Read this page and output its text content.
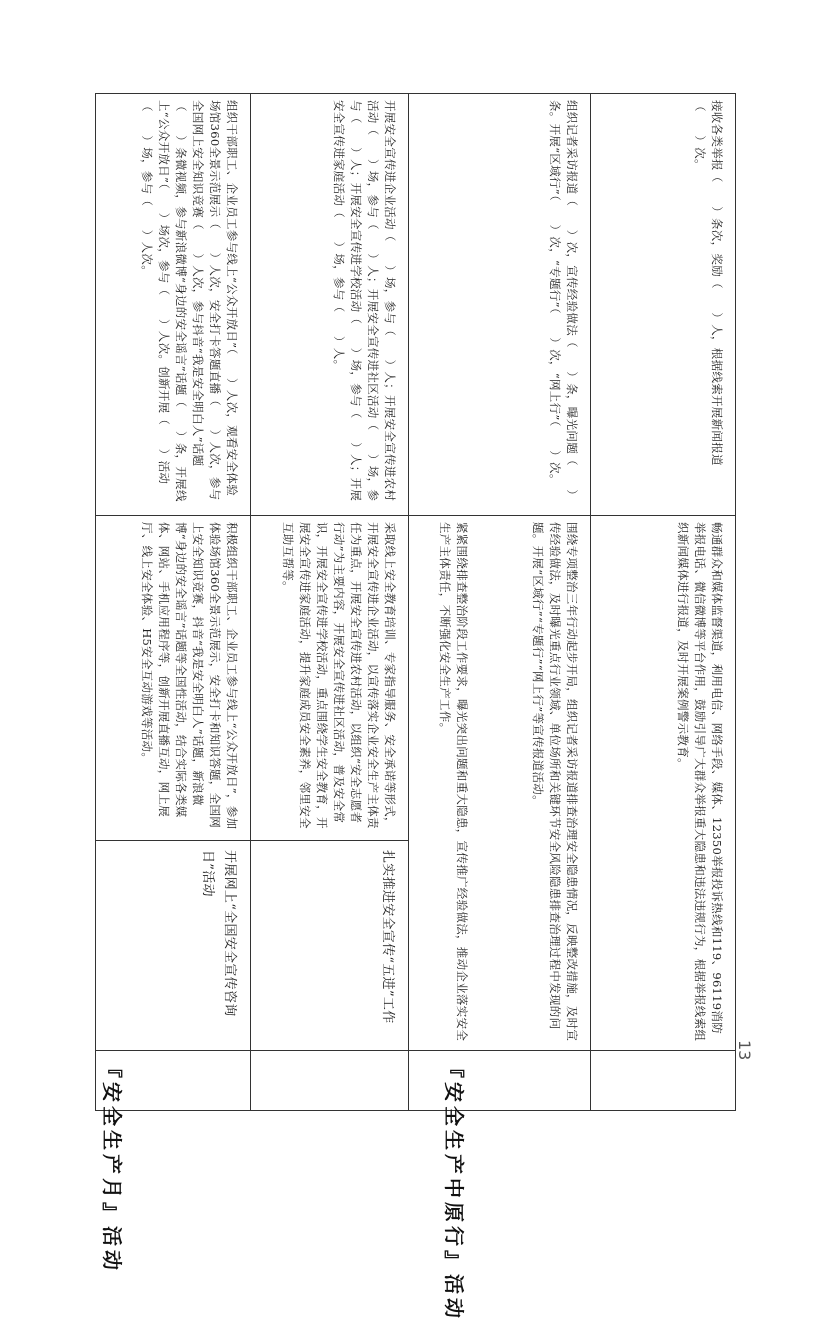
『安全生产月』活动	『安全生产中原行』活动

开展网上“全国安全宣传咨询日”活动

积极组织干部职工、企业员工参与线上“公众开放日”，参加体验场馆360全景示范展示，安全打卡和知识答题，全国网上安全知识竞赛，抖音“我是安全明白人”话题，新浪微博“身边的安全谣言”话题等全国性活动，结合实际各类媒体、网站、手机应用程序等，创新开展直播互动，网上展厅、线上安全体验、H5安全互动游戏等活动。

组织干部职工、企业员工参与线上“公众开放日”（　　）人次，观看安全体验场馆360全景示范展示（　　）人次，安全打卡答题直播（　　）人次，参与全国网上安全知识竞赛（　　）人次，参与抖音“我是安全明白人”话题（　　）条微视频，参与新浪微博“身边的安全谣言”话题（　　）条，开展线上“公众开放日”（　　）场次，参与（　　）人次。创新开展（　　）活动（　　）场，参与（　　）人次。

扎实推进安全宣传“五进”工作

采取线上安全教育培训、专家指导服务、安全承诺等形式，开展安全宣传进企业活动，以宣传落实企业安全生产主体责任为重点，开展安全宣传进农村活动，以组织“安全志愿者行动”为主要内容，开展安全宣传进社区活动，普及安全常识，开展安全宣传进学校活动，重点围绕学生安全教育，开展安全宣传进家庭活动，提升家庭成员安全素养，邻里安全互助互帮等。

开展安全宣传进企业活动（　　）场，参与（　　）人；开展安全宣传进农村活动（　　）场，参与（　　）人；开展安全宣传进社区活动（　　）场，参与（　　）人；开展安全宣传进学校活动（　　）场，参与（　　）人；开展安全宣传进家庭活动（　　）场，参与（　　）人。

紧紧围绕排查整治阶段工作要求，曝光突出问题和重大隐患，宣传推广经验做法，推动企业落实安全生产主体责任，不断强化安全生产工作。	围绕专项整治三年行动起步开局，组织记者采访报道排查治理安全隐患情况，反映整改措施，及时宣传经验做法，及时曝光重点行业领域、单位场所和关键环节安全风险隐患排查治理过程中发现的问题。开展“区域行”“专题行”“网上行”等宣传报道活动。

组织记者采访报道（　　）次，宣传经验做法（　　）条，曝光问题（　　）条。开展“区域行”（　　）次，“专题行”（　　）次，“网上行”（　　）次。

畅通群众和媒体监督渠道，利用电信、网络手段、媒体、12350举报投诉热线和119、96119消防举报电话、微信微博等平台作用，鼓励引导广大群众举报重大隐患和违法违规行为，根据举报线索组织新闻媒体进行报道，及时开展案例警示教育。

接收各类举报（　　）条次，奖励（　　）人，根据线索开展新闻报道（　　）次。

13
